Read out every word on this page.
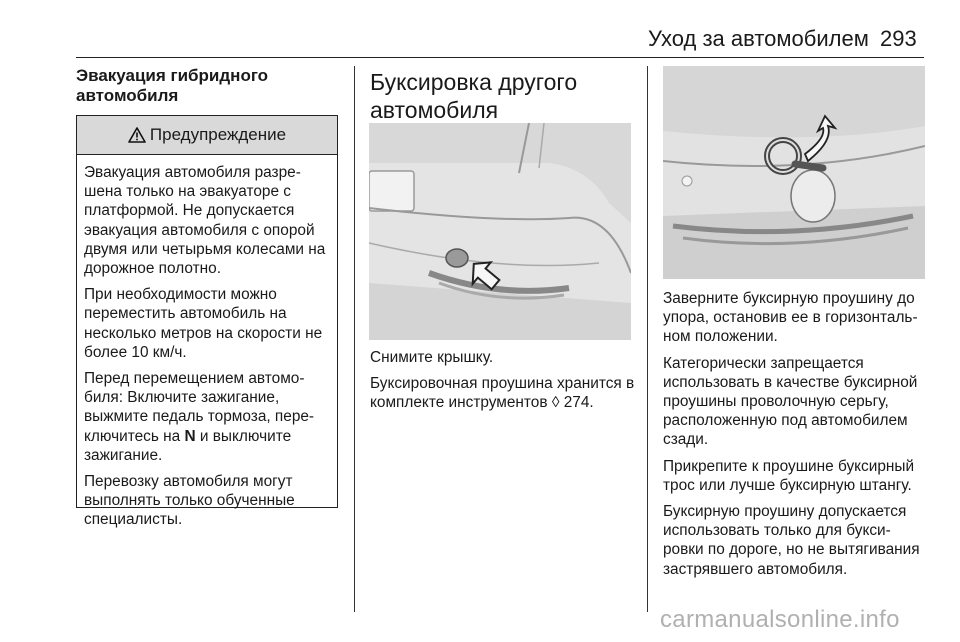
Уход за автомобилем 293
Эвакуация гибридного автомобиля
Предупреждение

Эвакуация автомобиля разре-шена только на эвакуаторе с платформой. Не допускается эвакуация автомобиля с опорой двумя или четырьмя колесами на дорожное полотно.

При необходимости можно переместить автомобиль на несколько метров на скорости не более 10 км/ч.

Перед перемещением автомо-биля: Включите зажигание, выжмите педаль тормоза, пере-ключитесь на N и выключите зажигание.

Перевозку автомобиля могут выполнять только обученные специалисты.

Буксировка другого автомобиля

Снимите крышку.

Буксировочная проушина хранится в комплекте инструментов ◊ 274.

Заверните буксирную проушину до упора, остановив ее в горизонталь-ном положении.

Категорически запрещается использовать в качестве буксирной проушины проволочную серьгу, расположенную под автомобилем сзади.

Прикрепите к проушине буксирный трос или лучше буксирную штангу.

Буксирную проушину допускается использовать только для букси-ровки по дороге, но не вытягивания застрявшего автомобиля.

carmanualsonline.info
